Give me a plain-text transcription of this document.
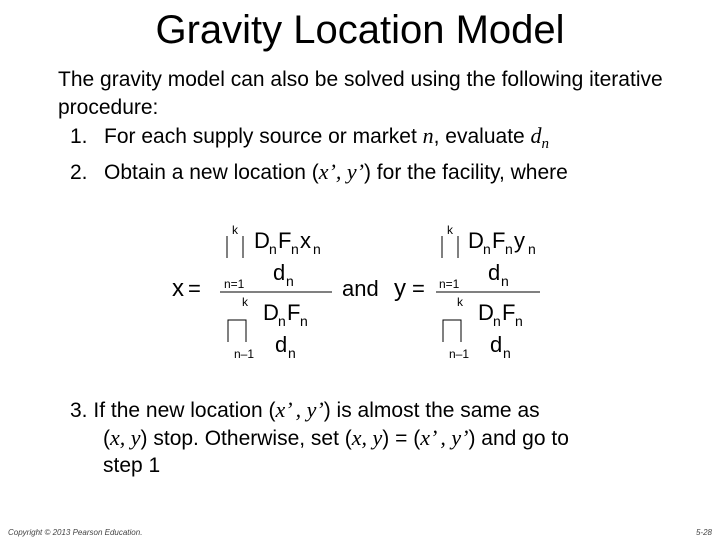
Gravity Location Model
The gravity model can also be solved using the following iterative procedure:
1. For each supply source or market n, evaluate $d_n$
2. Obtain a new location (x’, y’) for the facility, where
x =
k
n=1
D n F n x n
d n
k
n–1
D n F n
d n
and y =
k
n=1
D n F n y n
d n
k
n–1
D n F n
d n
3. If the new location (x’ , y’) is almost the same as
(x, y) stop. Otherwise, set (x, y) = (x’ , y’) and go to
step 1
Copyright © 2013 Pearson Education.	5-28
